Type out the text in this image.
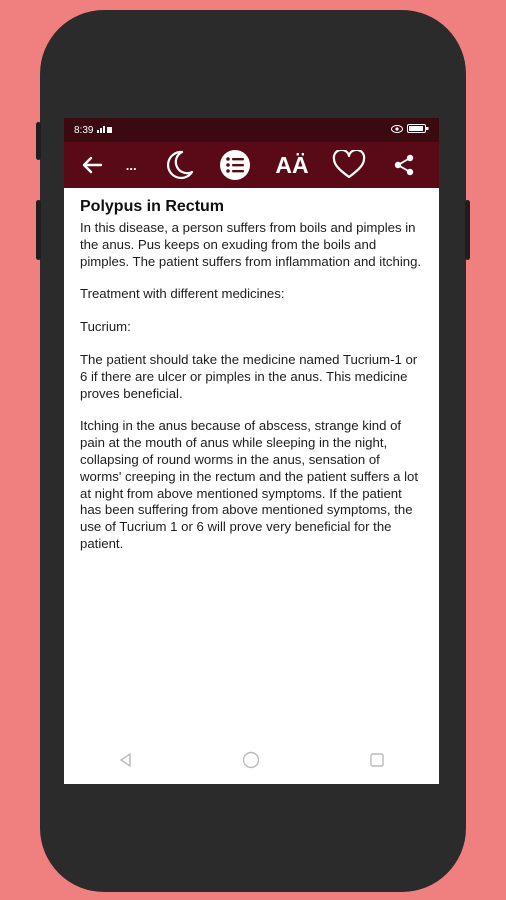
8:39
...	AÄ
Polypus in Rectum

In this disease, a person suffers from boils and pimples in the anus. Pus keeps on exuding from the boils and pimples. The patient suffers from inflammation and itching.

Treatment with different medicines:

Tucrium:

The patient should take the medicine named Tucrium-1 or 6 if there are ulcer or pimples in the anus. This medicine proves beneficial.

Itching in the anus because of abscess, strange kind of pain at the mouth of anus while sleeping in the night, collapsing of round worms in the anus, sensation of worms' creeping in the rectum and the patient suffers a lot at night from above mentioned symptoms. If the patient has been suffering from above mentioned symptoms, the use of Tucrium 1 or 6 will prove very beneficial for the patient.
